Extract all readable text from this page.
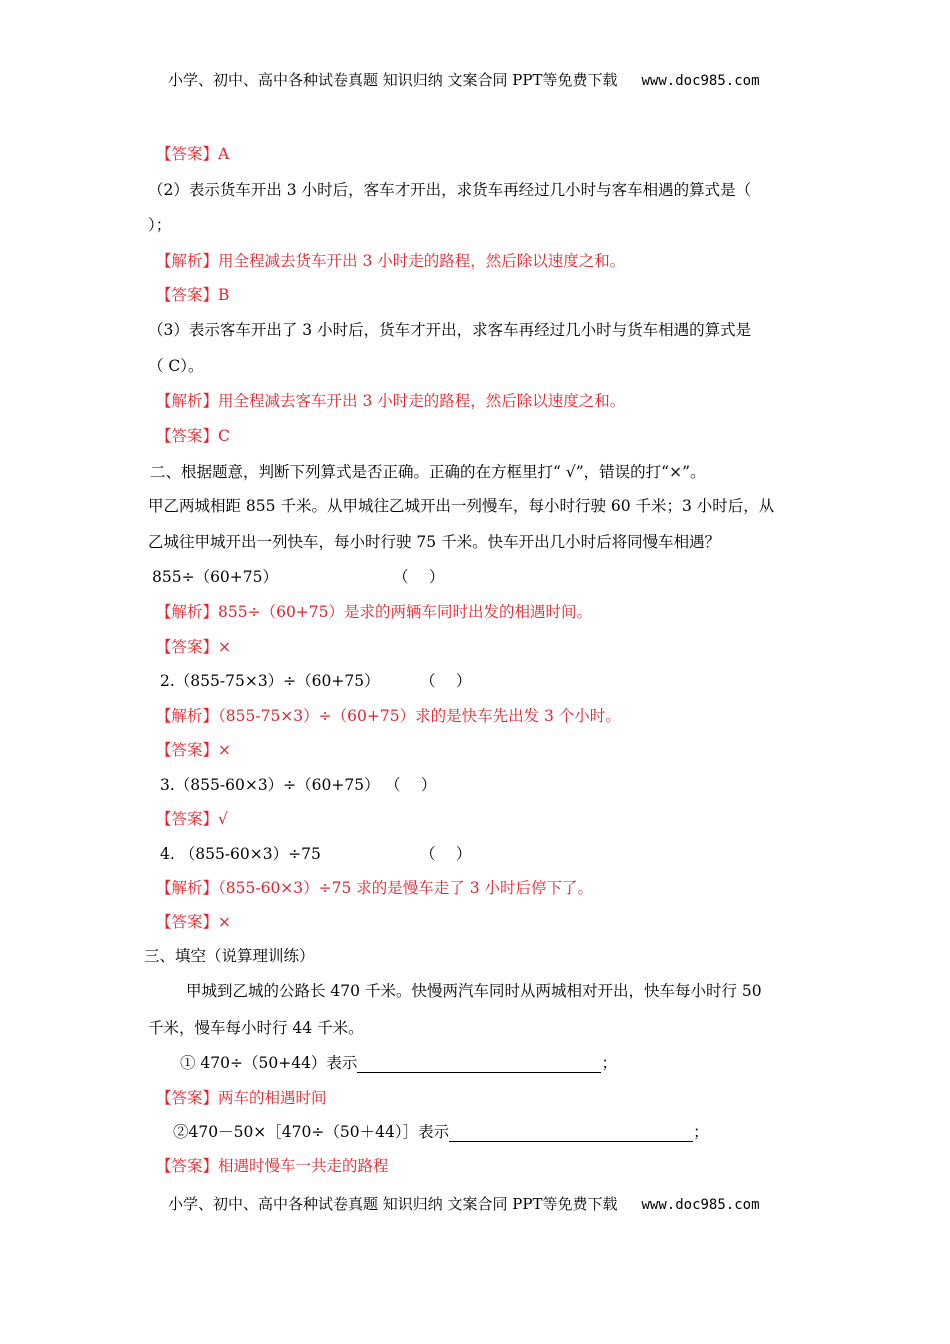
小学、初中、高中各种试卷真题 知识归纳 文案合同 PPT等免费下载 www.doc985.com
【答案】A
（2）表示货车开出 3 小时后，客车才开出，求货车再经过几小时与客车相遇的算式是（
）；
【解析】用全程减去货车开出 3 小时走的路程，然后除以速度之和。
【答案】B
（3）表示客车开出了 3 小时后，货车才开出，求客车再经过几小时与货车相遇的算式是
（ C）。
【解析】用全程减去客车开出 3 小时走的路程，然后除以速度之和。
【答案】C
二、根据题意，判断下列算式是否正确。正确的在方框里打“ √”，错误的打“×”。
甲乙两城相距 855 千米。从甲城往乙城开出一列慢车，每小时行驶 60 千米；3 小时后，从
乙城往甲城开出一列快车，每小时行驶 75 千米。快车开出几小时后将同慢车相遇？
855÷（60+75）	（　 ）
【解析】855÷（60+75）是求的两辆车同时出发的相遇时间。
【答案】×
2.（855-75×3）÷（60+75）	（　 ）
【解析】（855-75×3）÷（60+75）求的是快车先出发 3 个小时。
【答案】×
3.（855-60×3）÷（60+75） （　 ）
【答案】√
4. （855-60×3）÷75	（　 ）
【解析】（855-60×3）÷75 求的是慢车走了 3 小时后停下了。
【答案】×
三、填空（说算理训练）
甲城到乙城的公路长 470 千米。快慢两汽车同时从两城相对开出，快车每小时行 50
千米，慢车每小时行 44 千米。
① 470÷（50+44）表示	；
【答案】两车的相遇时间
②470－50×［470÷（50＋44）］表示	；
【答案】相遇时慢车一共走的路程
小学、初中、高中各种试卷真题 知识归纳 文案合同 PPT等免费下载 www.doc985.com
